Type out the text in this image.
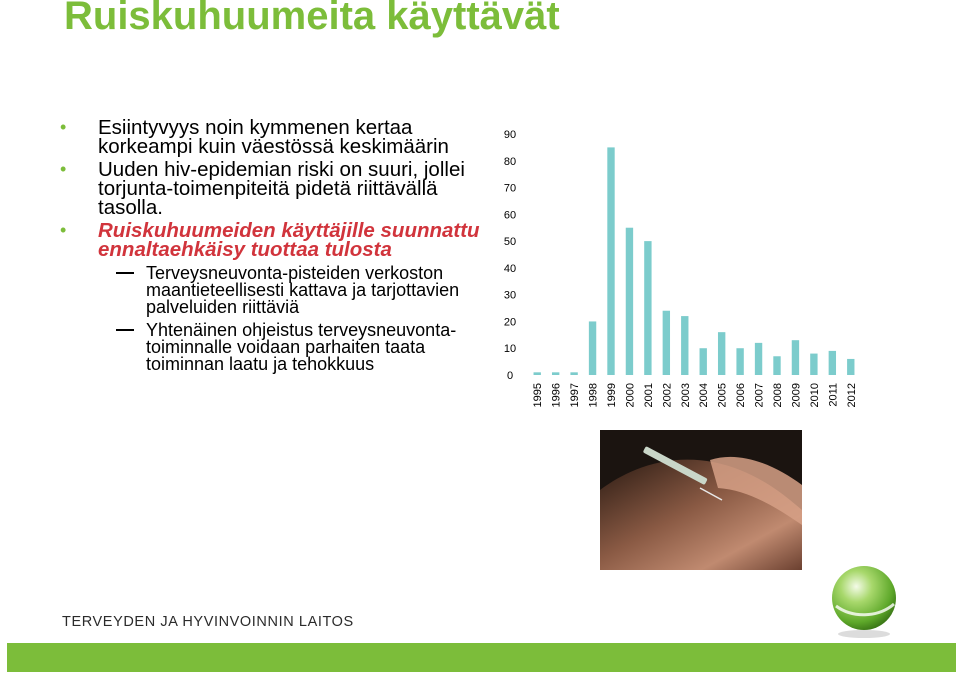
Ruiskuhuumeita käyttävät
• Esiintyvyys noin kymmenen kertaa korkeampi kuin väestössä keskimäärin
• Uuden hiv-epidemian riski on suuri, jollei torjunta-toimenpiteitä pidetä riittävällä tasolla.
• Ruiskuhuumeiden käyttäjille suunnattu ennaltaehkäisy tuottaa tulosta
Terveysneuvonta-pisteiden verkoston maantieteellisesti kattava ja tarjottavien palveluiden riittäviä
Yhtenäinen ohjeistus terveysneuvonta-toiminnalle voidaan parhaiten taata toiminnan laatu ja tehokkuus
0
10
20
30
40
50
60
70
80
90
1995 1996 1997 1998 1999 2000 2001 2002 2003 2004 2005 2006 2007 2008 2009 2010 2011 2012
TERVEYDEN JA HYVINVOINNIN LAITOS
